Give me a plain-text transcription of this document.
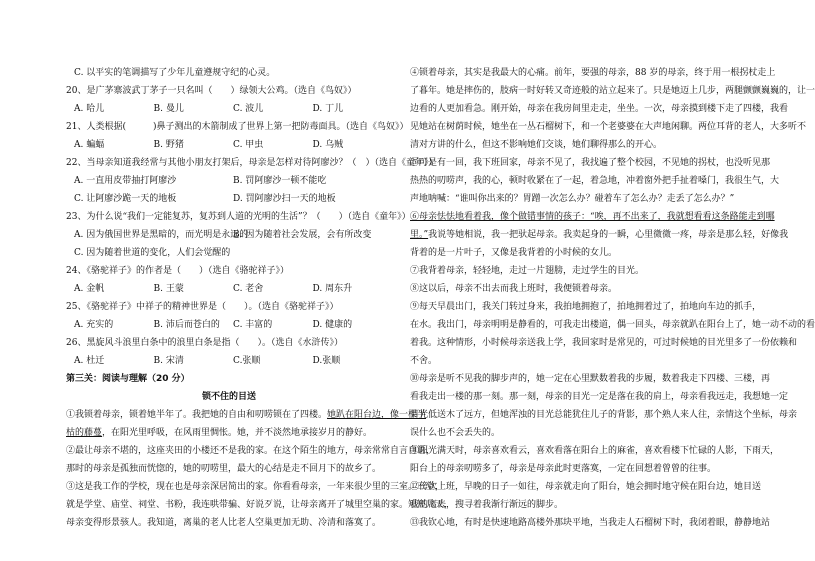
C. 以平实的笔调描写了少年儿童遵规守纪的心灵。
20、是广茅寨波武丁茅子一只名叫（　　）绿领大公鸡。（选自《鸟奴》）
A. 哈儿	B. 曼儿	C. 波儿	D. 丁儿
21、人类根据(　　　)鼻子测出的木箭制成了世界上第一把防毒面具。（选自《鸟奴》）
A. 蝙蝠	B. 野猪	C. 甲虫	D. 乌贼
22、当母亲知道我经常与其他小朋友打架后，母亲是怎样对待阿廖沙？（　）（选自《童年》）
A. 一直用皮带抽打阿廖沙	B. 罚阿廖沙一顿不能吃
C. 让阿廖沙跪一天的地板	D. 罚阿廖沙扫一天的地板
23、为什么说“我们一定能复苏，复苏到人道的光明的生活”？（　　）（选自《童年》）
A. 因为俄国世界是黑暗的，而光明是永远的
B. 因为随着社会发展，会有所改变
C. 因为随着世道的变化，人们会觉醒的
24、《骆驼祥子》的作者是（　　）（选自《骆驼祥子》）
A. 金帆	B. 王蒙	C. 老舍	D. 周东升
25、《骆驼祥子》中祥子的精神世界是（　　）。（选自《骆驼祥子》）
A. 充实的	B. 沛后而苍白的	C. 丰富的	D. 健康的
26、黑旋风斗浪里白条中的浪里白条是指（　　）。（选自《水浒传》）
A. 杜迁	B. 宋清	C.张顺	D.张顺
第三关：阅读与理解（20 分）
锁不住的目送
①我锁着母亲，锁着她半年了。我把她的自由和叨唠锁在了四楼。她趴在阳台边，像一棵半
枯的藤蔓，在阳光里呼吸，在风雨里惆怅。她，并不淡然地承接岁月的静好。
②最让母亲不堪的，这座夹田的小楼还不是我的家。在这个陌生的地方，母亲常常自言自语，
那时的母亲是孤独而恍惚的，她的叨唠里，最大的心结是走不回月下的故乡了。
③这是我工作的学校，现在也是母亲深居简出的家。你看看母亲，一年来很少里的三室。三堂，
就是学堂、庙堂、祠堂、书粉，我连哄带骗、好说歹说，让母亲离开了城里空巢的家。短短几天，
母亲变得形景骇人。我知道，离巢的老人比老人空巢更加无助、冷清和落寞了。
④锁着母亲，其实是我最大的心痛。前年，要强的母亲，88 岁的母亲，终于用一根拐杖走上
了暮年。她是摔伤的，肢病一时好转又奇迹般的站立起来了。只是她迈上几步，两腿颤颤巍巍的，让一
边看的人更加看急。刚开始，母亲在我房间里走走，坐坐。一次，母亲摸到楼下走了四楼，我看
见她站在树荫时候，她坐在一丛石榴树下，和一个老婆婆在大声地闲聊。两位耳背的老人，大多听不
清对方讲的什么，但这不影响她们交谈，她们聊得那么的开心。
⑤可是有一回，我下班回家，母亲不见了，我找遍了整个校园，不见她的拐杖，也没听见那
热热的叨唠声，我的心，顿时收紧在了一起，着急地，冲着窗外把手扯着嗓门，我很生气，大
声地呐喊：“谁叫你出来的？胃蹭一次怎么办？碰着车了怎么办？走丢了怎么办？”
⑥母亲怯怯地看着我，像个做错事情的孩子：“唉，再不出来了，我就想看看这条路能走到哪
里。”我说等她相说，我一把驮起母亲。我卖起身的一瞬，心里微微一疼，母亲是那么轻，好像我
背着的是一片叶子，又像是我背着的小时候的女儿。
⑦我背着母亲，轻轻地，走过一片翅膀，走过学生的目光。
⑧这以后，母亲不出去而我上班时，我便锁着母亲。
⑨每天早晨出门，我关门转过身来，我拍地拥抱了，拍地拥着过了，拍地向车边的抓手，
在水。我出门，母亲明明是静看的，可我走出楼道，偶一回头，母亲就趴在阳台上了，她一动不动的看
着我。这种情形，小时候母亲送我上学，我回家时是常见的，可过时候她的目光里多了一份依赖和
不舍。
⑩母亲是听不见我的脚步声的，她一定在心里默数着我的步履，数着我走下四楼、三楼，再
看我走出一楼的那一刻。那一刻，母亲的目光一定是落在我的肩上，母亲看我远走，我想她一定
目光低送木了远方，但她浑浊的目光总能犹住儿子的背影，那个熟人来人往，亲情这个坐标，母亲
误什么也不会丢失的。
⑪阳光满天时，母亲喜欢看云，喜欢看落在阳台上的麻雀，喜欢看楼下忙碌的人影，下雨天，
阳台上的母亲叨唠多了，母亲是母亲此时更落寞，一定在回想着曾曾的往事。
⑫傍次上班，早晚的日子一如往，母亲就走向了阳台，她会拥时地守候在阳台边，她目送
我的离去，搜寻着我渐行渐远的脚步。
⑬我钦心地，有时是快速地路高楼外那块平地，当我走人石榴树下时，我闭着眼，静静地站
